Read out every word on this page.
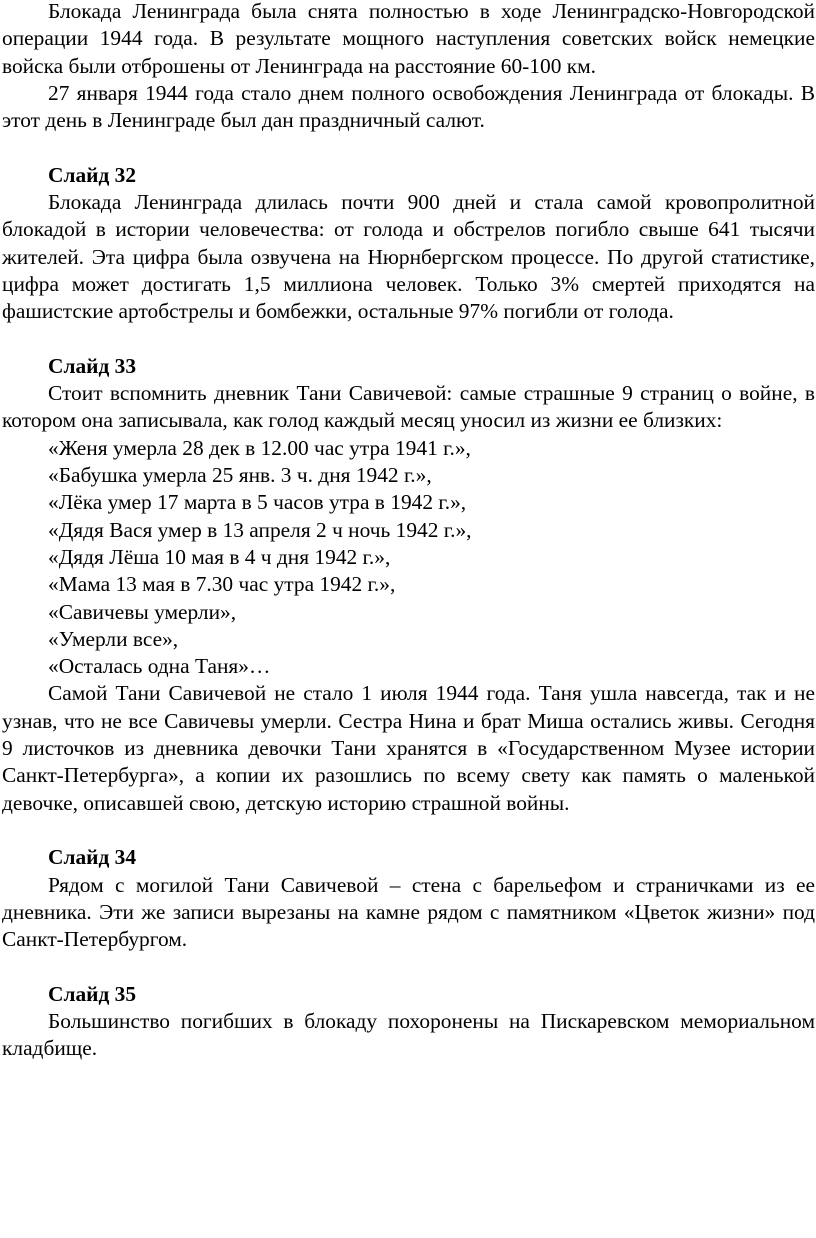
Блокада Ленинграда была снята полностью в ходе Ленинградско-Новгородской операции 1944 года. В результате мощного наступления советских войск немецкие войска были отброшены от Ленинграда на расстояние 60-100 км.

27 января 1944 года стало днем полного освобождения Ленинграда от блокады. В этот день в Ленинграде был дан праздничный салют.

Слайд 32

Блокада Ленинграда длилась почти 900 дней и стала самой кровопролитной блокадой в истории человечества: от голода и обстрелов погибло свыше 641 тысячи жителей. Эта цифра была озвучена на Нюрнбергском процессе. По другой статистике, цифра может достигать 1,5 миллиона человек. Только 3% смертей приходятся на фашистские артобстрелы и бомбежки, остальные 97% погибли от голода.

Слайд 33

Стоит вспомнить дневник Тани Савичевой: самые страшные 9 страниц о войне, в котором она записывала, как голод каждый месяц уносил из жизни ее близких:

«Женя умерла 28 дек в 12.00 час утра 1941 г.»,

«Бабушка умерла 25 янв. 3 ч. дня 1942 г.»,

«Лёка умер 17 марта в 5 часов утра в 1942 г.»,

«Дядя Вася умер в 13 апреля 2 ч ночь 1942 г.»,

«Дядя Лёша 10 мая в 4 ч дня 1942 г.»,

«Мама 13 мая в 7.30 час утра 1942 г.»,

«Савичевы умерли»,

«Умерли все»,

«Осталась одна Таня»…

Самой Тани Савичевой не стало 1 июля 1944 года. Таня ушла навсегда, так и не узнав, что не все Савичевы умерли. Сестра Нина и брат Миша остались живы. Сегодня 9 листочков из дневника девочки Тани хранятся в «Государственном Музее истории Санкт-Петербурга», а копии их разошлись по всему свету как память о маленькой девочке, описавшей свою, детскую историю страшной войны.

Слайд 34

Рядом с могилой Тани Савичевой – стена с барельефом и страничками из ее дневника. Эти же записи вырезаны на камне рядом с памятником «Цветок жизни» под Санкт-Петербургом.

Слайд 35

Большинство погибших в блокаду похоронены на Пискаревском мемориальном кладбище.
